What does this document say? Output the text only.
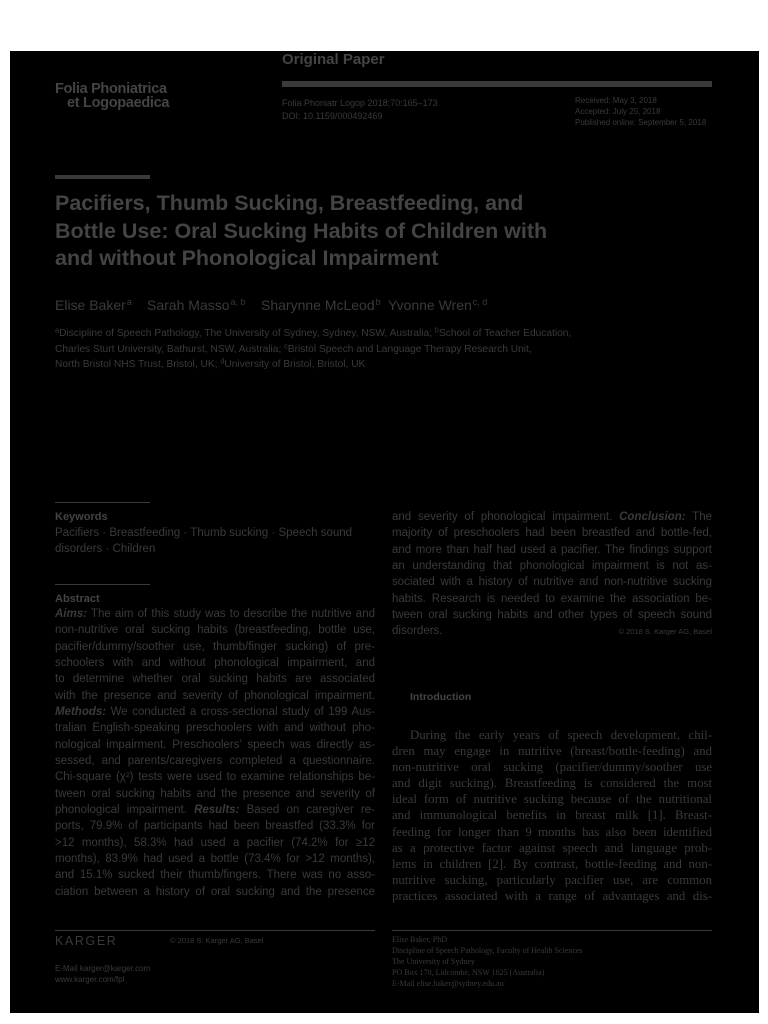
Original Paper
Folia Phoniatrica
et Logopaedica	Folia Phoniatr Logop 2018;70:165–173
DOI: 10.1159/000492469
Received: May 3, 2018
Accepted: July 25, 2018
Published online: September 5, 2018
Pacifiers, Thumb Sucking, Breastfeeding, and
Bottle Use: Oral Sucking Habits of Children with
and without Phonological Impairment
Elise Baker$^a$ Sarah Masso$^{a, b}$ Sharynne McLeod$^b$ Yvonne Wren$^{c, d}$
$^a$Discipline of Speech Pathology, The University of Sydney, Sydney, NSW, Australia; $^b$School of Teacher Education,
Charles Sturt University, Bathurst, NSW, Australia; $^c$Bristol Speech and Language Therapy Research Unit,
North Bristol NHS Trust, Bristol, UK; $^d$University of Bristol, Bristol, UK
Keywords
Pacifiers · Breastfeeding · Thumb sucking · Speech sound
disorders · Children
Abstract
Aims: The aim of this study was to describe the nutritive and
non-nutritive oral sucking habits (breastfeeding, bottle use,
pacifier/dummy/soother use, thumb/finger sucking) of pre-
schoolers with and without phonological impairment, and
to determine whether oral sucking habits are associated
with the presence and severity of phonological impairment.
Methods: We conducted a cross-sectional study of 199 Aus-
tralian English-speaking preschoolers with and without pho-
nological impairment. Preschoolers’ speech was directly as-
sessed, and parents/caregivers completed a questionnaire.
Chi-square (χ²) tests were used to examine relationships be-
tween oral sucking habits and the presence and severity of
phonological impairment. Results: Based on caregiver re-
ports, 79.9% of participants had been breastfed (33.3% for
>12 months), 58.3% had used a pacifier (74.2% for ≥12
months), 83.9% had used a bottle (73.4% for >12 months),
and 15.1% sucked their thumb/fingers. There was no asso-
ciation between a history of oral sucking and the presence
and severity of phonological impairment. Conclusion: The
majority of preschoolers had been breastfed and bottle-fed,
and more than half had used a pacifier. The findings support
an understanding that phonological impairment is not as-
sociated with a history of nutritive and non-nutritive sucking
habits. Research is needed to examine the association be-
tween oral sucking habits and other types of speech sound
disorders.	© 2018 S. Karger AG, Basel
Introduction
During the early years of speech development, chil-
dren may engage in nutritive (breast/bottle-feeding) and
non-nutritive oral sucking (pacifier/dummy/soother use
and digit sucking). Breastfeeding is considered the most
ideal form of nutritive sucking because of the nutritional
and immunological benefits in breast milk [1]. Breast-
feeding for longer than 9 months has also been identified
as a protective factor against speech and language prob-
lems in children [2]. By contrast, bottle-feeding and non-
nutritive sucking, particularly pacifier use, are common
practices associated with a range of advantages and dis-
KARGER	© 2018 S. Karger AG, Basel
E-Mail karger@karger.com
www.karger.com/fpl
Elise Baker, PhD
Discipline of Speech Pathology, Faculty of Health Sciences
The University of Sydney
PO Box 170, Lidcombe, NSW 1825 (Australia)
E-Mail elise.baker@sydney.edu.au
